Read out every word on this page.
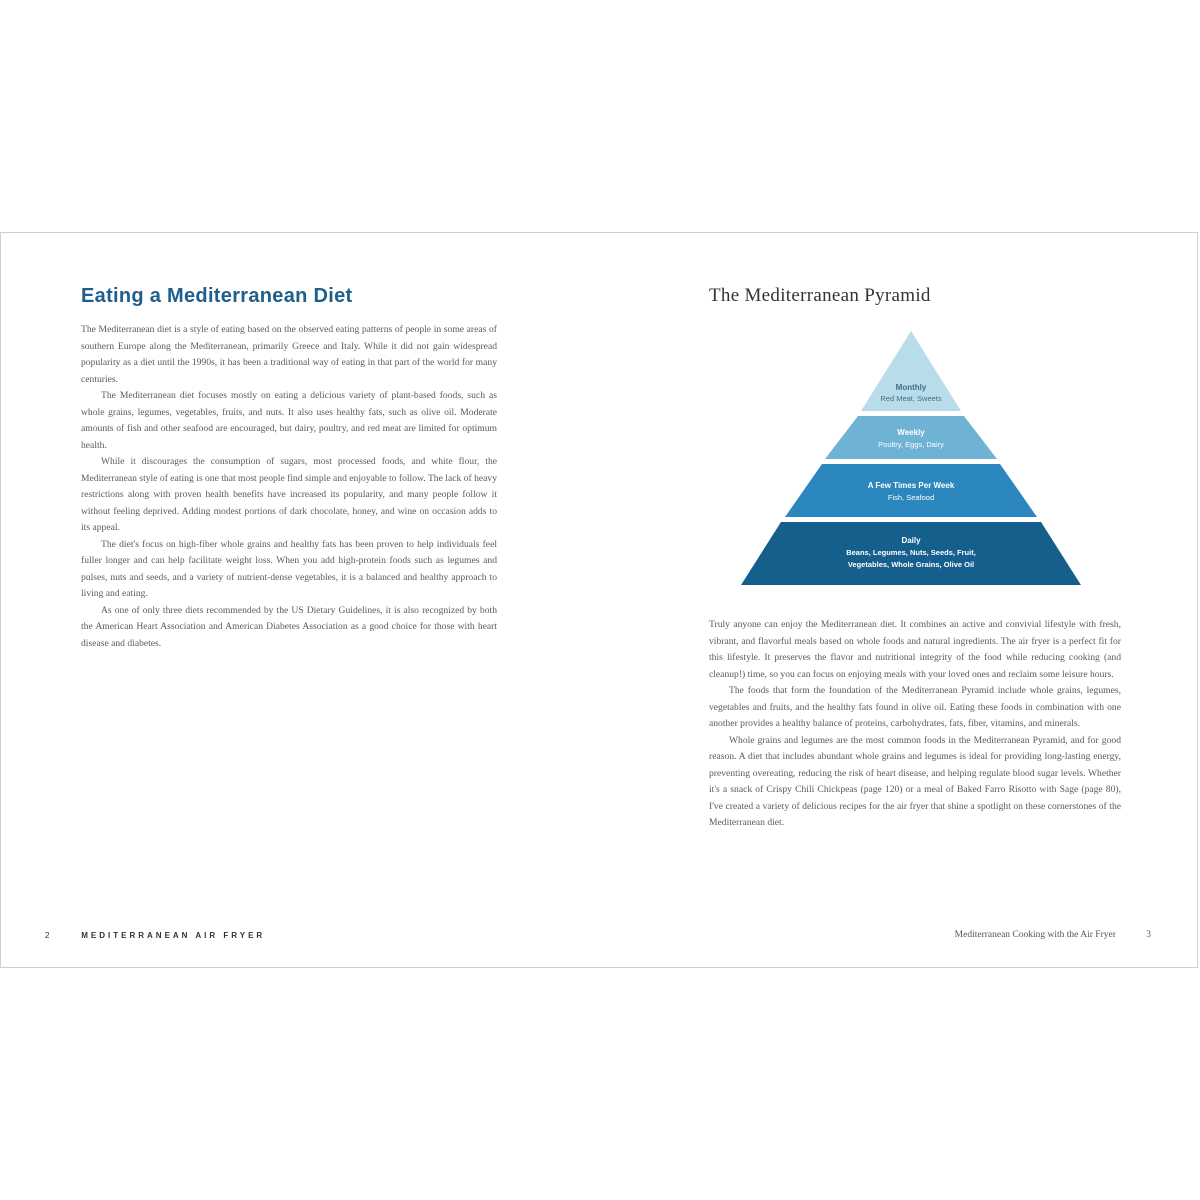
Eating a Mediterranean Diet

The Mediterranean diet is a style of eating based on the observed eating patterns of people in some areas of southern Europe along the Mediterranean, primarily Greece and Italy. While it did not gain widespread popularity as a diet until the 1990s, it has been a traditional way of eating in that part of the world for many centuries.

The Mediterranean diet focuses mostly on eating a delicious variety of plant-based foods, such as whole grains, legumes, vegetables, fruits, and nuts. It also uses healthy fats, such as olive oil. Moderate amounts of fish and other seafood are encouraged, but dairy, poultry, and red meat are limited for optimum health.

While it discourages the consumption of sugars, most processed foods, and white flour, the Mediterranean style of eating is one that most people find simple and enjoyable to follow. The lack of heavy restrictions along with proven health benefits have increased its popularity, and many people follow it without feeling deprived. Adding modest portions of dark chocolate, honey, and wine on occasion adds to its appeal.

The diet's focus on high-fiber whole grains and healthy fats has been proven to help individuals feel fuller longer and can help facilitate weight loss. When you add high-protein foods such as legumes and pulses, nuts and seeds, and a variety of nutrient-dense vegetables, it is a balanced and healthy approach to living and eating.

As one of only three diets recommended by the US Dietary Guidelines, it is also recognized by both the American Heart Association and American Diabetes Association as a good choice for those with heart disease and diabetes.

2	MEDITERRANEAN AIR FRYER
The Mediterranean Pyramid
Monthly
Red Meat, Sweets
Weekly
Poultry, Eggs, Dairy
A Few Times Per Week
Fish, Seafood
Daily
Beans, Legumes, Nuts, Seeds, Fruit,
Vegetables, Whole Grains, Olive Oil

Truly anyone can enjoy the Mediterranean diet. It combines an active and convivial lifestyle with fresh, vibrant, and flavorful meals based on whole foods and natural ingredients. The air fryer is a perfect fit for this lifestyle. It preserves the flavor and nutritional integrity of the food while reducing cooking (and cleanup!) time, so you can focus on enjoying meals with your loved ones and reclaim some leisure hours.

The foods that form the foundation of the Mediterranean Pyramid include whole grains, legumes, vegetables and fruits, and the healthy fats found in olive oil. Eating these foods in combination with one another provides a healthy balance of proteins, carbohydrates, fats, fiber, vitamins, and minerals.

Whole grains and legumes are the most common foods in the Mediterranean Pyramid, and for good reason. A diet that includes abundant whole grains and legumes is ideal for providing long-lasting energy, preventing overeating, reducing the risk of heart disease, and helping regulate blood sugar levels. Whether it's a snack of Crispy Chili Chickpeas (page 120) or a meal of Baked Farro Risotto with Sage (page 80), I've created a variety of delicious recipes for the air fryer that shine a spotlight on these cornerstones of the Mediterranean diet.

Mediterranean Cooking with the Air Fryer	3
